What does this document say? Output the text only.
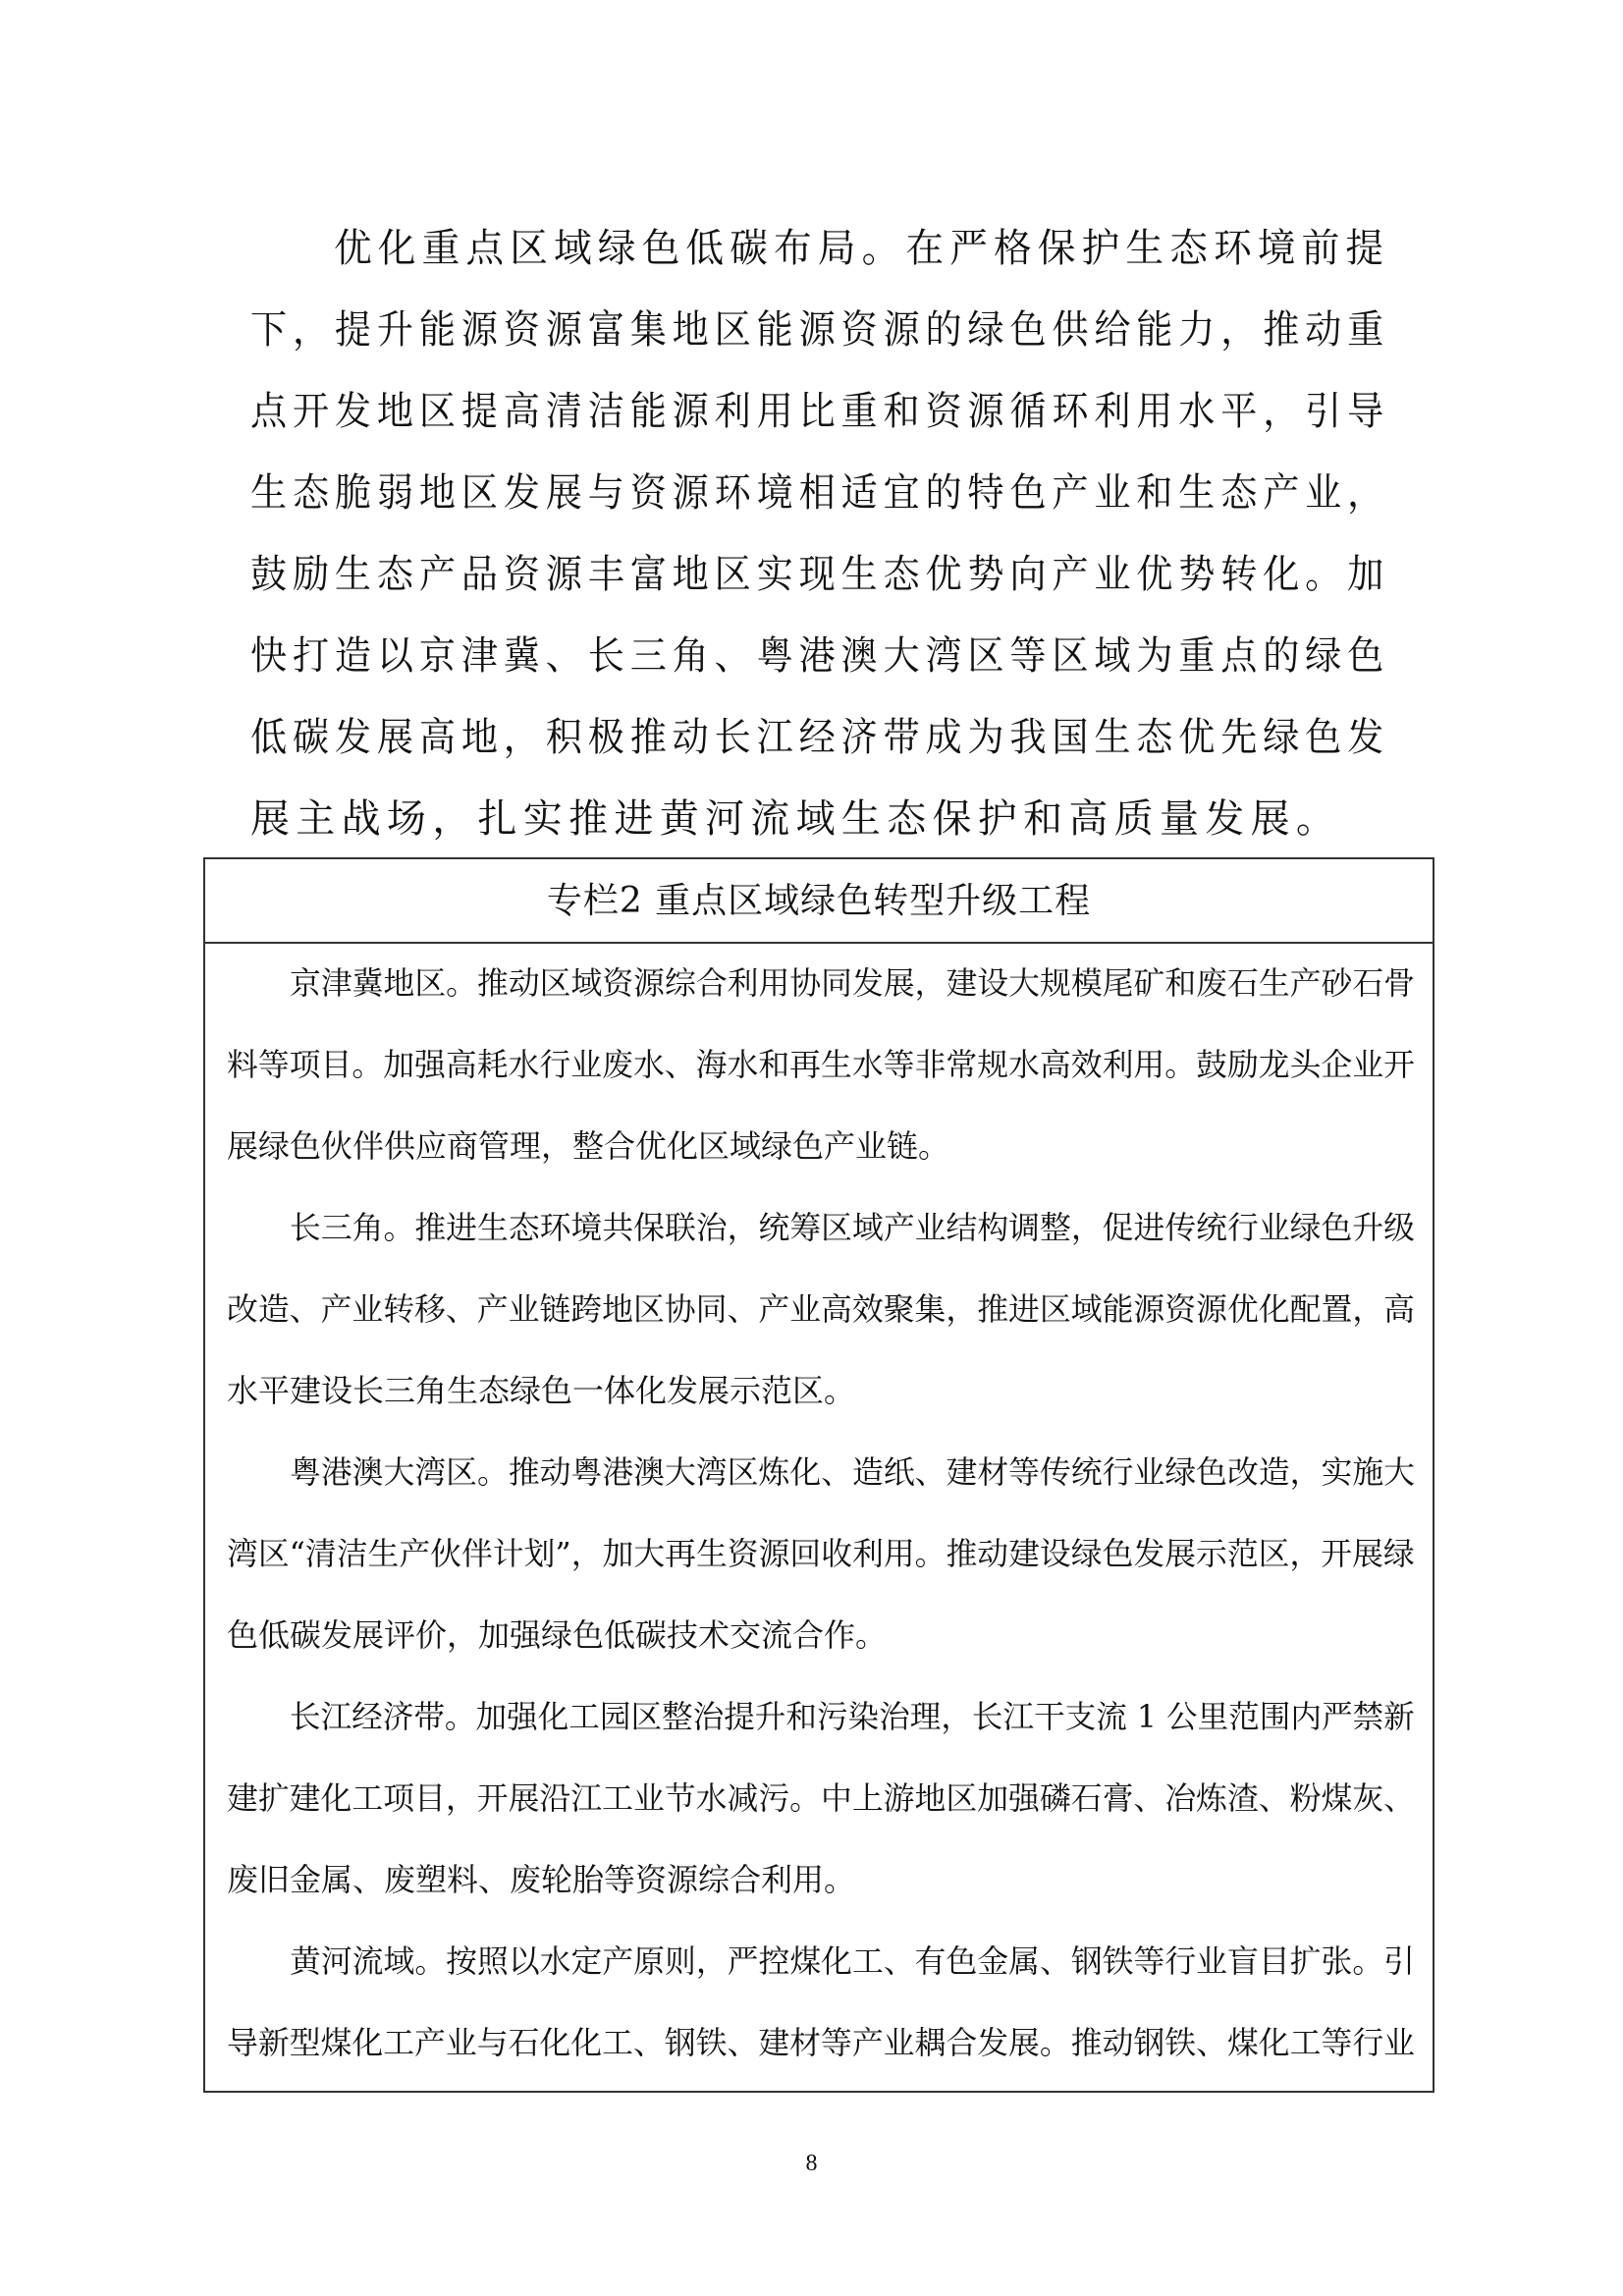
优化重点区域绿色低碳布局。在严格保护生态环境前提
下，提升能源资源富集地区能源资源的绿色供给能力，推动重
点开发地区提高清洁能源利用比重和资源循环利用水平，引导
生态脆弱地区发展与资源环境相适宜的特色产业和生态产业，
鼓励生态产品资源丰富地区实现生态优势向产业优势转化。加
快打造以京津冀、长三角、粤港澳大湾区等区域为重点的绿色
低碳发展高地，积极推动长江经济带成为我国生态优先绿色发
展主战场，扎实推进黄河流域生态保护和高质量发展。
专栏2 重点区域绿色转型升级工程
京津冀地区。推动区域资源综合利用协同发展，建设大规模尾矿和废石生产砂石骨
料等项目。加强高耗水行业废水、海水和再生水等非常规水高效利用。鼓励龙头企业开
展绿色伙伴供应商管理，整合优化区域绿色产业链。
长三角。推进生态环境共保联治，统筹区域产业结构调整，促进传统行业绿色升级
改造、产业转移、产业链跨地区协同、产业高效聚集，推进区域能源资源优化配置，高
水平建设长三角生态绿色一体化发展示范区。
粤港澳大湾区。推动粤港澳大湾区炼化、造纸、建材等传统行业绿色改造，实施大
湾区“清洁生产伙伴计划”，加大再生资源回收利用。推动建设绿色发展示范区，开展绿
色低碳发展评价，加强绿色低碳技术交流合作。
长江经济带。加强化工园区整治提升和污染治理，长江干支流 1 公里范围内严禁新
建扩建化工项目，开展沿江工业节水减污。中上游地区加强磷石膏、冶炼渣、粉煤灰、
废旧金属、废塑料、废轮胎等资源综合利用。
黄河流域。按照以水定产原则，严控煤化工、有色金属、钢铁等行业盲目扩张。引
导新型煤化工产业与石化化工、钢铁、建材等产业耦合发展。推动钢铁、煤化工等行业
8
